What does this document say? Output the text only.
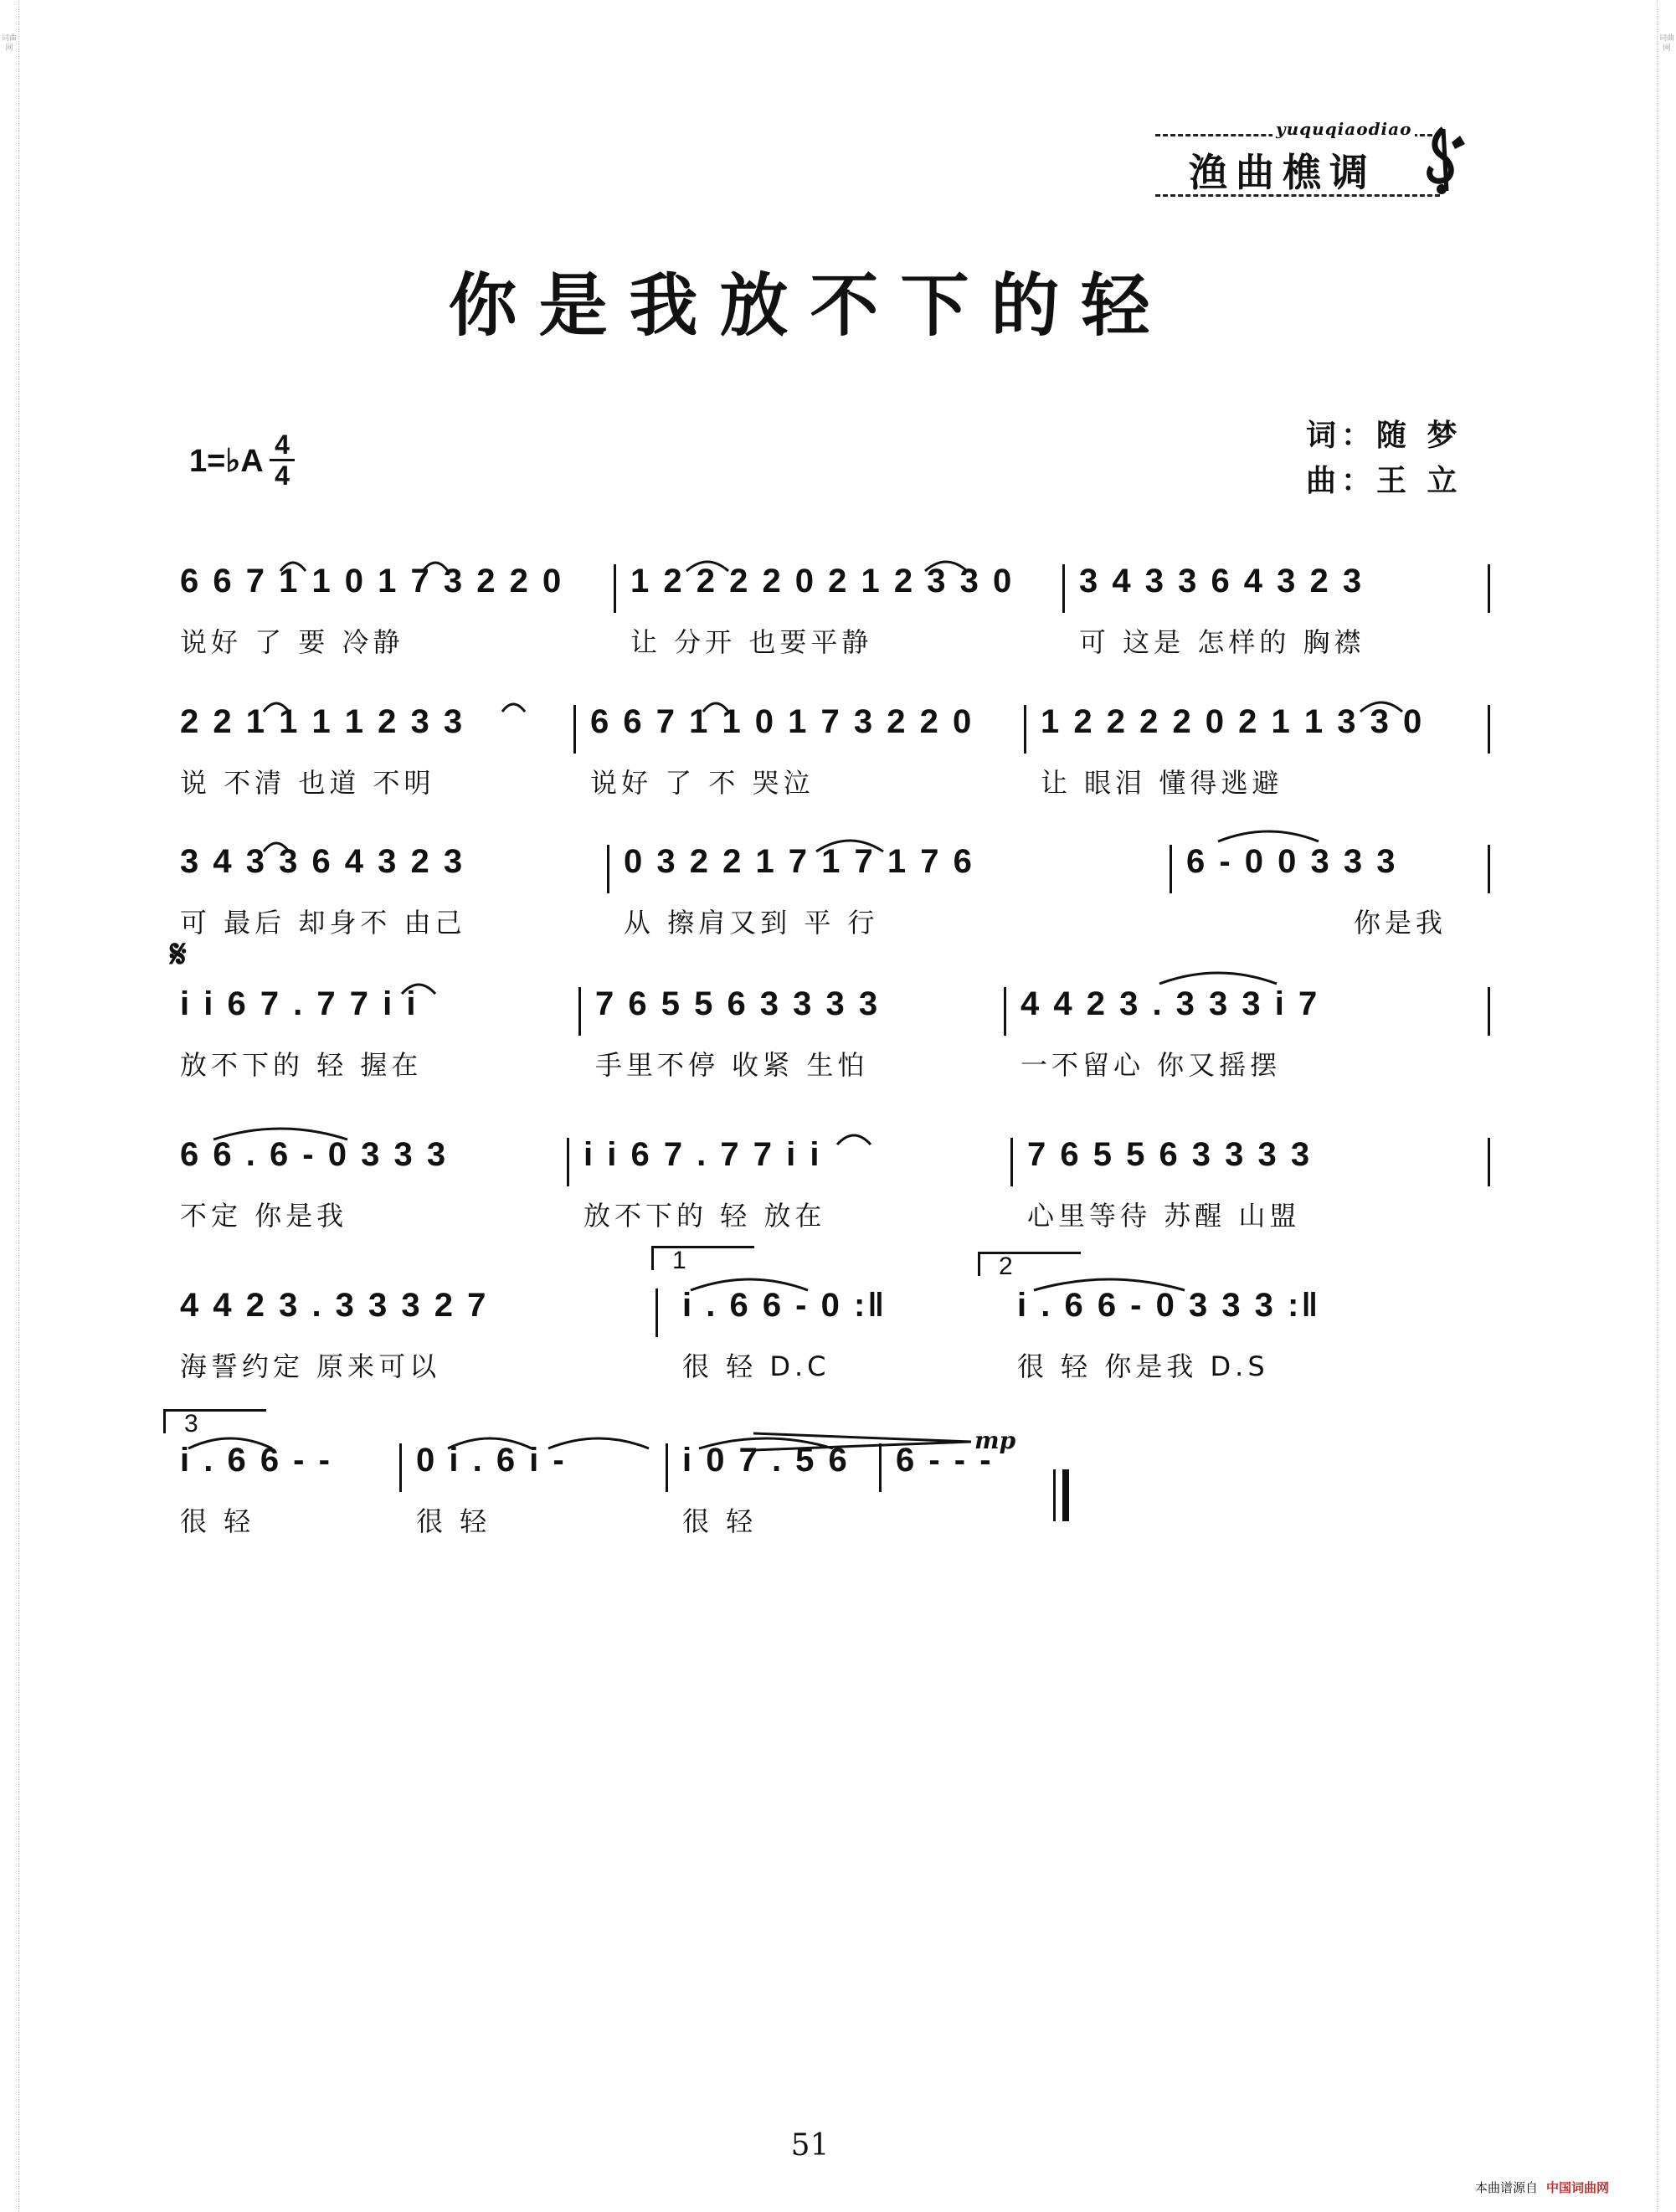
词曲网
词曲网
yuquqiaodiao
渔曲樵调
你是我放不下的轻
1=♭A 4
4
词：随 梦
曲：王 立
6 6 7 1 1 0 1 7 3 2 2 0
说好 了 要 冷静
1 2 2 2 2 0 2 1 2 3 3 0
让 分开 也要平静
3 4 3 3 6 4 3 2 3
可 这是 怎样的 胸襟
2 2 1 1 1 1 2 3 3
说 不清 也道 不明
6 6 7 1 1 0 1 7 3 2 2 0
说好 了 不 哭泣
1 2 2 2 2 0 2 1 1 3 3 0
让 眼泪 懂得逃避
3 4 3 3 6 4 3 2 3
可 最后 却身不 由己
0 3 2 2 1 7 1 7 1 7 6
从 擦肩又到 平 行
6 - 0 0 3 3 3
你是我
𝄋
i i 6 7 . 7 7 i i
放不下的 轻 握在
7 6 5 5 6 3 3 3 3
手里不停 收紧 生怕
4 4 2 3 . 3 3 3 i 7
一不留心 你又摇摆
6 6 . 6 - 0 3 3 3
不定 你是我
i i 6 7 . 7 7 i i
放不下的 轻 放在
7 6 5 5 6 3 3 3 3
心里等待 苏醒 山盟
1	2
4 4 2 3 . 3 3 3 2 7
海誓约定 原来可以
i . 6 6 - 0 :‖
很 轻 D.C
i . 6 6 - 0 3 3 3 :‖
很 轻 你是我 D.S
3
mp
i . 6 6 - -
很 轻
0 i . 6 i -
很 轻
i 0 7 . 5 6
很 轻
6 - - -
51
本曲谱源自 中国词曲网
